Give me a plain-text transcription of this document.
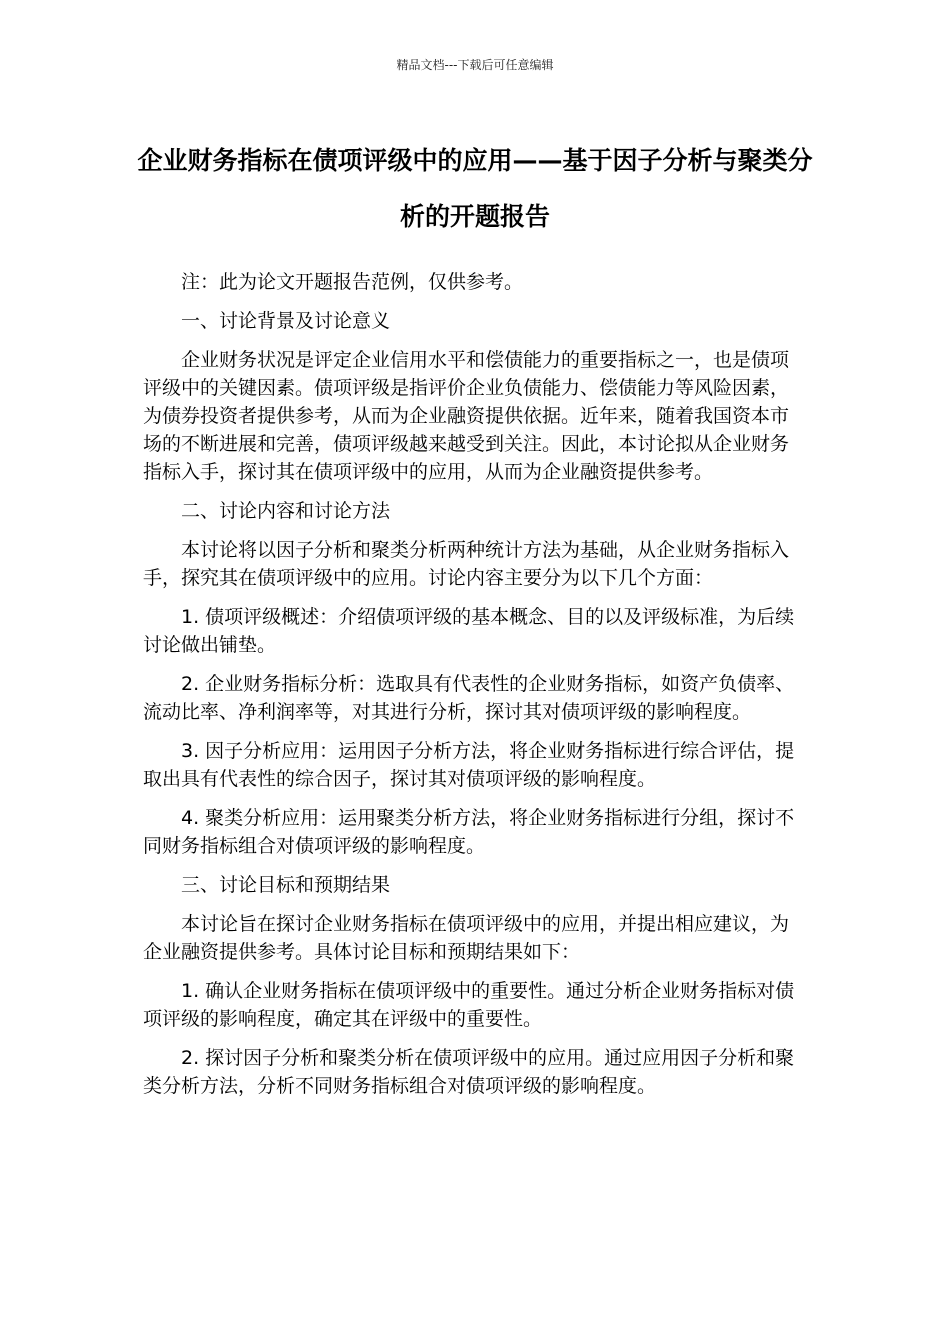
精品文档---下载后可任意编辑
企业财务指标在债项评级中的应用——基于因子分析与聚类分析的开题报告

注：此为论文开题报告范例，仅供参考。

一、讨论背景及讨论意义

企业财务状况是评定企业信用水平和偿债能力的重要指标之一，也是债项评级中的关键因素。债项评级是指评价企业负债能力、偿债能力等风险因素，为债券投资者提供参考，从而为企业融资提供依据。近年来，随着我国资本市场的不断进展和完善，债项评级越来越受到关注。因此，本讨论拟从企业财务指标入手，探讨其在债项评级中的应用，从而为企业融资提供参考。

二、讨论内容和讨论方法

本讨论将以因子分析和聚类分析两种统计方法为基础，从企业财务指标入手，探究其在债项评级中的应用。讨论内容主要分为以下几个方面：

1. 债项评级概述：介绍债项评级的基本概念、目的以及评级标准，为后续讨论做出铺垫。

2. 企业财务指标分析：选取具有代表性的企业财务指标，如资产负债率、流动比率、净利润率等，对其进行分析，探讨其对债项评级的影响程度。

3. 因子分析应用：运用因子分析方法，将企业财务指标进行综合评估，提取出具有代表性的综合因子，探讨其对债项评级的影响程度。

4. 聚类分析应用：运用聚类分析方法，将企业财务指标进行分组，探讨不同财务指标组合对债项评级的影响程度。

三、讨论目标和预期结果

本讨论旨在探讨企业财务指标在债项评级中的应用，并提出相应建议，为企业融资提供参考。具体讨论目标和预期结果如下：

1. 确认企业财务指标在债项评级中的重要性。通过分析企业财务指标对债项评级的影响程度，确定其在评级中的重要性。

2. 探讨因子分析和聚类分析在债项评级中的应用。通过应用因子分析和聚类分析方法，分析不同财务指标组合对债项评级的影响程度。
